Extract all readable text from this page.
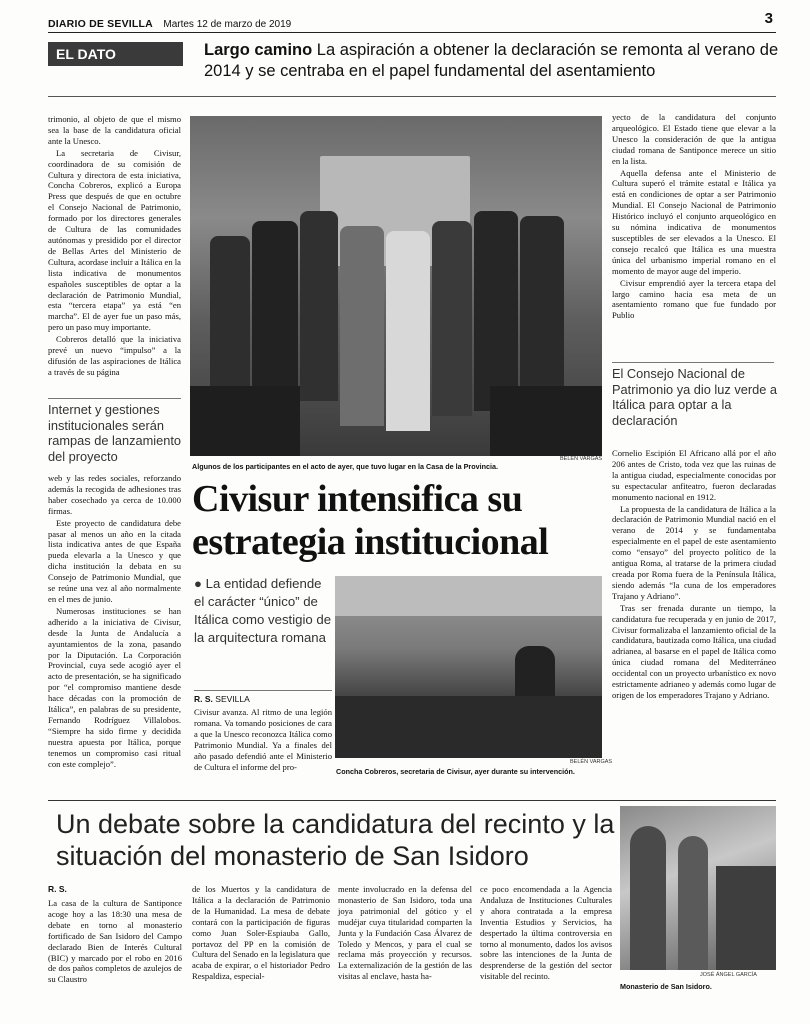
DIARIO DE SEVILLA Martes 12 de marzo de 2019	3
EL DATO	Largo camino La aspiración a obtener la declaración se remonta al verano de 2014 y se centraba en el papel fundamental del asentamiento

trimonio, al objeto de que el mismo sea la base de la candidatura oficial ante la Unesco.

La secretaria de Civisur, coordinadora de su comisión de Cultura y directora de esta iniciativa, Concha Cobreros, explicó a Europa Press que después de que en octubre el Consejo Nacional de Patrimonio, formado por los directores generales de Cultura de las comunidades autónomas y presidido por el director de Bellas Artes del Ministerio de Cultura, acordase incluir a Itálica en la lista indicativa de monumentos españoles susceptibles de optar a la declaración de Patrimonio Mundial, esta “tercera etapa” ya está “en marcha”. El de ayer fue un paso más, pero un paso muy importante.

Cobreros detalló que la iniciativa prevé un nuevo “impulso” a la difusión de las aspiraciones de Itálica a través de su página

Internet y gestiones institucionales serán rampas de lanzamiento del proyecto

web y las redes sociales, reforzando además la recogida de adhesiones tras haber cosechado ya cerca de 10.000 firmas.

Este proyecto de candidatura debe pasar al menos un año en la citada lista indicativa antes de que España pueda elevarla a la Unesco y que dicha institución la debata en su Consejo de Patrimonio Mundial, que se reúne una vez al año normalmente en el mes de junio.

Numerosas instituciones se han adherido a la iniciativa de Civisur, desde la Junta de Andalucía a ayuntamientos de la zona, pasando por la Diputación. La Corporación Provincial, cuya sede acogió ayer el acto de presentación, se ha significado por “el compromiso mantiene desde hace décadas con la promoción de Itálica”, en palabras de su presidente, Fernando Rodríguez Villalobos. “Siempre ha sido firme y decidida nuestra apuesta por Itálica, porque tenemos un compromiso casi ritual con este complejo”.

BELÉN VARGAS
Algunos de los participantes en el acto de ayer, que tuvo lugar en la Casa de la Provincia.
Civisur intensifica su estrategia institucional
● La entidad defiende el carácter “único” de Itálica como vestigio de la arquitectura romana
R. S. SEVILLA

Civisur avanza. Al ritmo de una legión romana. Va tomando posiciones de cara a que la Unesco reconozca Itálica como Patrimonio Mundial. Ya a finales del año pasado defendió ante el Ministerio de Cultura el informe del pro-	BELÉN VARGAS
Concha Cobreros, secretaria de Civisur, ayer durante su intervención.

yecto de la candidatura del conjunto arqueológico. El Estado tiene que elevar a la Unesco la consideración de que la antigua ciudad romana de Santiponce merece un sitio en la lista.

Aquella defensa ante el Ministerio de Cultura superó el trámite estatal e Itálica ya está en condiciones de optar a ser Patrimonio Mundial. El Consejo Nacional de Patrimonio Histórico incluyó el conjunto arqueológico en su nómina indicativa de monumentos susceptibles de ser elevados a la Unesco. El consejo recalcó que Itálica es una muestra única del urbanismo imperial romano en el momento de mayor auge del imperio.

Civisur emprendió ayer la tercera etapa del largo camino hacia esa meta de un asentamiento romano que fue fundado por Publio

El Consejo Nacional de Patrimonio ya dio luz verde a Itálica para optar a la declaración

Cornelio Escipión El Africano allá por el año 206 antes de Cristo, toda vez que las ruinas de la antigua ciudad, especialmente conocidas por su espectacular anfiteatro, fueron declaradas monumento nacional en 1912.

La propuesta de la candidatura de Itálica a la declaración de Patrimonio Mundial nació en el verano de 2014 y se fundamentaba especialmente en el papel de este asentamiento como “ensayo” del proyecto político de la antigua Roma, al tratarse de la primera ciudad creada por Roma fuera de la Península Itálica, siendo además “la cuna de los emperadores Trajano y Adriano”.

Tras ser frenada durante un tiempo, la candidatura fue recuperada y en junio de 2017, Civisur formalizaba el lanzamiento oficial de la candidatura, bautizada como Itálica, una ciudad adrianea, al basarse en el papel de Itálica como única ciudad romana del Mediterráneo occidental con un proyecto urbanístico ex novo estrictamente adrianeo y además como lugar de origen de los emperadores Trajano y Adriano.

Un debate sobre la candidatura del recinto y la situación del monasterio de San Isidoro
R. S.

La casa de la cultura de Santiponce acoge hoy a las 18:30 una mesa de debate en torno al monasterio fortificado de San Isidoro del Campo declarado Bien de Interés Cultural (BIC) y marcado por el robo en 2016 de dos paños completos de azulejos de su Claustro

de los Muertos y la candidatura de Itálica a la declaración de Patrimonio de la Humanidad. La mesa de debate contará con la participación de figuras como Juan Soler-Espiauba Gallo, portavoz del PP en la comisión de Cultura del Senado en la legislatura que acaba de expirar, o el historiador Pedro Respaldiza, especial-

mente involucrado en la defensa del monasterio de San Isidoro, toda una joya patrimonial del gótico y el mudéjar cuya titularidad comparten la Junta y la Fundación Casa Álvarez de Toledo y Mencos, y para el cual se reclama más proyección y recursos. La externalización de la gestión de las visitas al enclave, hasta ha-

ce poco encomendada a la Agencia Andaluza de Instituciones Culturales y ahora contratada a la empresa Inventia Estudios y Servicios, ha despertado la última controversia en torno al monumento, dados los avisos sobre las intenciones de la Junta de desprenderse de la gestión del sector visitable del recinto.	JOSÉ ÁNGEL GARCÍA
Monasterio de San Isidoro.
